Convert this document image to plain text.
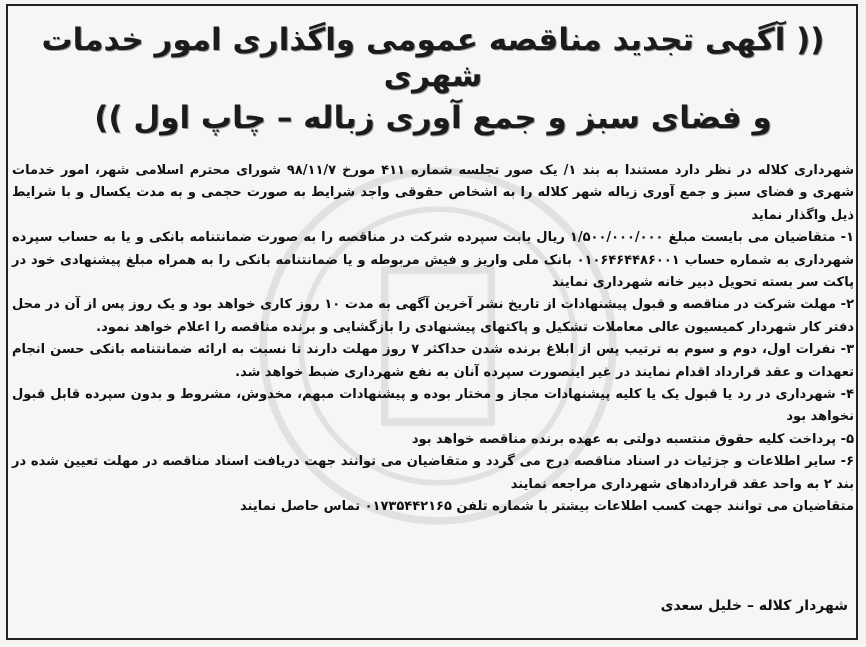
(( آگهی تجدید مناقصه عمومی واگذاری امور خدمات شهری
و فضای سبز و جمع آوری زباله – چاپ اول ))

شهرداری کلاله در نظر دارد مستندا به بند ۱/ یک صور تجلسه شماره ۴۱۱ مورخ ۹۸/۱۱/۷ شورای محترم اسلامی شهر، امور خدمات شهری و فضای سبز و جمع آوری زباله شهر کلاله را به اشخاص حقوقی واجد شرایط به صورت حجمی و به مدت یکسال و با شرایط ذیل واگذار نماید

۱- متقاضیان می بایست مبلغ ۱/۵۰۰/۰۰۰/۰۰۰ ریال بابت سپرده شرکت در مناقصه را به صورت ضمانتنامه بانکی و یا به حساب سپرده شهرداری به شماره حساب ۰۱۰۶۴۶۴۴۸۶۰۰۱ بانک ملی واریز و فیش مربوطه و یا ضمانتنامه بانکی را به همراه مبلغ پیشنهادی خود در پاکت سر بسته تحویل دبیر خانه شهرداری نمایند

۲- مهلت شرکت در مناقصه و قبول پیشنهادات از تاریخ نشر آخرین آگهی به مدت ۱۰ روز کاری خواهد بود و یک روز پس از آن در محل دفتر کار شهردار کمیسیون عالی معاملات تشکیل و پاکتهای پیشنهادی را بازگشایی و برنده مناقصه را اعلام خواهد نمود.

۳- نفرات اول، دوم و سوم به ترتیب پس از ابلاغ برنده شدن حداکثر ۷ روز مهلت دارند تا نسبت به ارائه ضمانتنامه بانکی حسن انجام تعهدات و عقد قرارداد اقدام نمایند در غیر اینصورت سپرده آنان به نفع شهرداری ضبط خواهد شد.

۴- شهرداری در رد یا قبول یک یا کلیه پیشنهادات مجاز و مختار بوده و پیشنهادات مبهم، مخدوش، مشروط و بدون سپرده قابل قبول نخواهد بود

۵- پرداخت کلیه حقوق منتسبه دولتی به عهده برنده مناقصه خواهد بود

۶- سایر اطلاعات و جزئیات در اسناد مناقصه درج می گردد و متقاضیان می توانند جهت دریافت اسناد مناقصه در مهلت تعیین شده در بند ۲ به واحد عقد قراردادهای شهرداری مراجعه نمایند

متقاضیان می توانند جهت کسب اطلاعات بیشتر با شماره تلفن ۰۱۷۳۵۴۴۲۱۶۵ تماس حاصل نمایند

شهردار کلاله – خلیل سعدی
